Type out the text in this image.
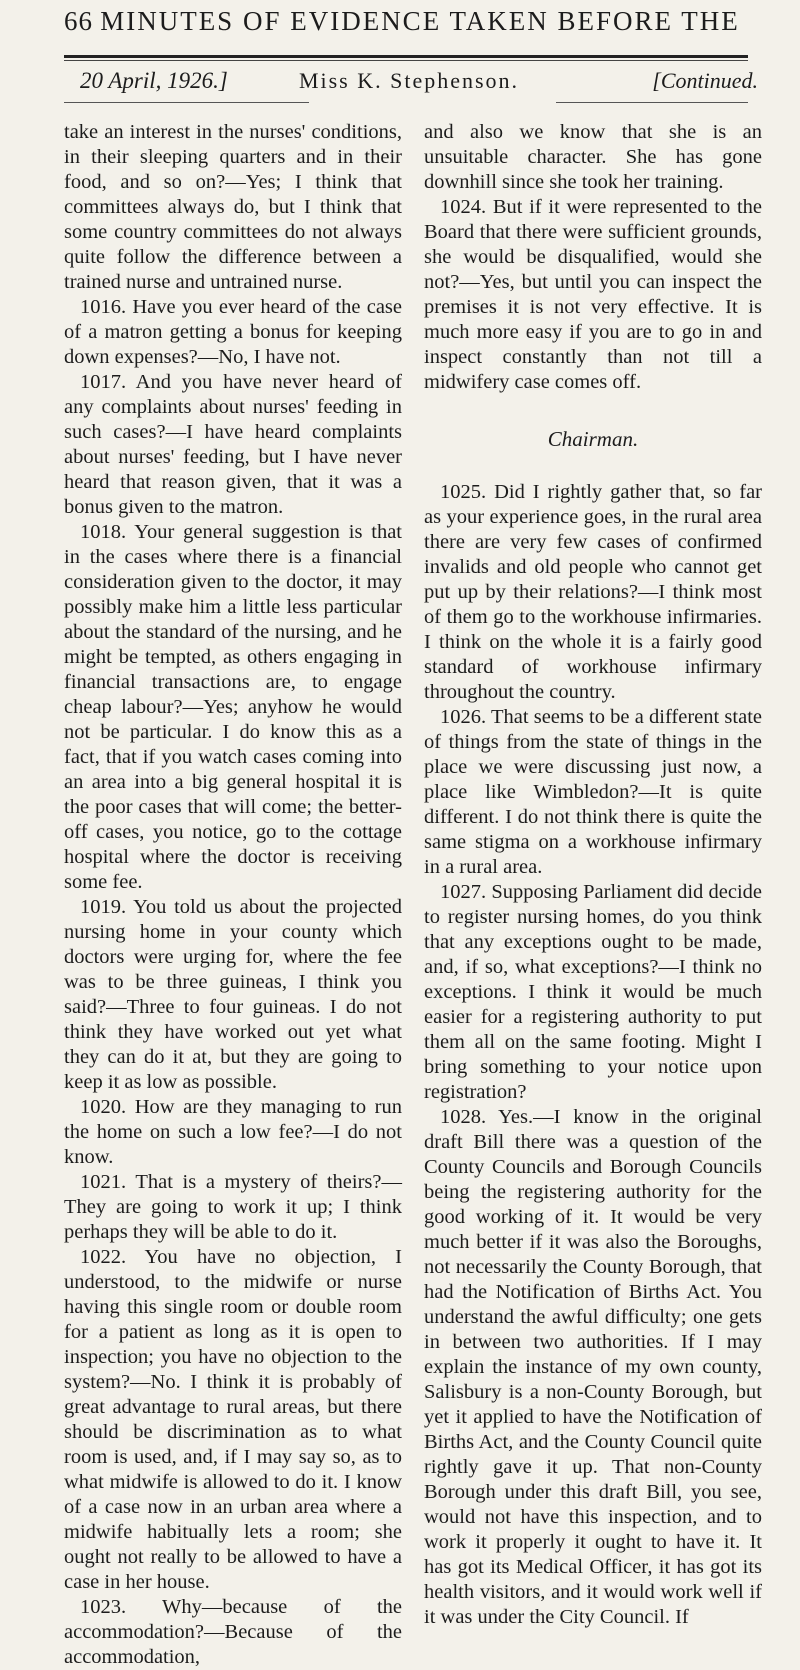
66 MINUTES OF EVIDENCE TAKEN BEFORE THE
20 April, 1926.]	Miss K. Stephenson.	[Continued.

take an interest in the nurses' conditions, in their sleeping quarters and in their food, and so on?—Yes; I think that committees always do, but I think that some country committees do not always quite follow the difference between a trained nurse and untrained nurse.

1016. Have you ever heard of the case of a matron getting a bonus for keeping down expenses?—No, I have not.

1017. And you have never heard of any complaints about nurses' feeding in such cases?—I have heard complaints about nurses' feeding, but I have never heard that reason given, that it was a bonus given to the matron.

1018. Your general suggestion is that in the cases where there is a financial consideration given to the doctor, it may possibly make him a little less particular about the standard of the nursing, and he might be tempted, as others engaging in financial transactions are, to engage cheap labour?—Yes; anyhow he would not be particular. I do know this as a fact, that if you watch cases coming into an area into a big general hospital it is the poor cases that will come; the better-off cases, you notice, go to the cottage hospital where the doctor is receiving some fee.

1019. You told us about the projected nursing home in your county which doctors were urging for, where the fee was to be three guineas, I think you said?—Three to four guineas. I do not think they have worked out yet what they can do it at, but they are going to keep it as low as possible.

1020. How are they managing to run the home on such a low fee?—I do not know.

1021. That is a mystery of theirs?—They are going to work it up; I think perhaps they will be able to do it.

1022. You have no objection, I understood, to the midwife or nurse having this single room or double room for a patient as long as it is open to inspection; you have no objection to the system?—No. I think it is probably of great advantage to rural areas, but there should be discrimination as to what room is used, and, if I may say so, as to what midwife is allowed to do it. I know of a case now in an urban area where a midwife habitually lets a room; she ought not really to be allowed to have a case in her house.

1023. Why—because of the accommodation?—Because of the accommodation,

and also we know that she is an unsuitable character. She has gone downhill since she took her training.

1024. But if it were represented to the Board that there were sufficient grounds, she would be disqualified, would she not?—Yes, but until you can inspect the premises it is not very effective. It is much more easy if you are to go in and inspect constantly than not till a midwifery case comes off.

Chairman.

1025. Did I rightly gather that, so far as your experience goes, in the rural area there are very few cases of confirmed invalids and old people who cannot get put up by their relations?—I think most of them go to the workhouse infirmaries. I think on the whole it is a fairly good standard of workhouse infirmary throughout the country.

1026. That seems to be a different state of things from the state of things in the place we were discussing just now, a place like Wimbledon?—It is quite different. I do not think there is quite the same stigma on a workhouse infirmary in a rural area.

1027. Supposing Parliament did decide to register nursing homes, do you think that any exceptions ought to be made, and, if so, what exceptions?—I think no exceptions. I think it would be much easier for a registering authority to put them all on the same footing. Might I bring something to your notice upon registration?

1028. Yes.—I know in the original draft Bill there was a question of the County Councils and Borough Councils being the registering authority for the good working of it. It would be very much better if it was also the Boroughs, not necessarily the County Borough, that had the Notification of Births Act. You understand the awful difficulty; one gets in between two authorities. If I may explain the instance of my own county, Salisbury is a non-County Borough, but yet it applied to have the Notification of Births Act, and the County Council quite rightly gave it up. That non-County Borough under this draft Bill, you see, would not have this inspection, and to work it properly it ought to have it. It has got its Medical Officer, it has got its health visitors, and it would work well if it was under the City Council. If
